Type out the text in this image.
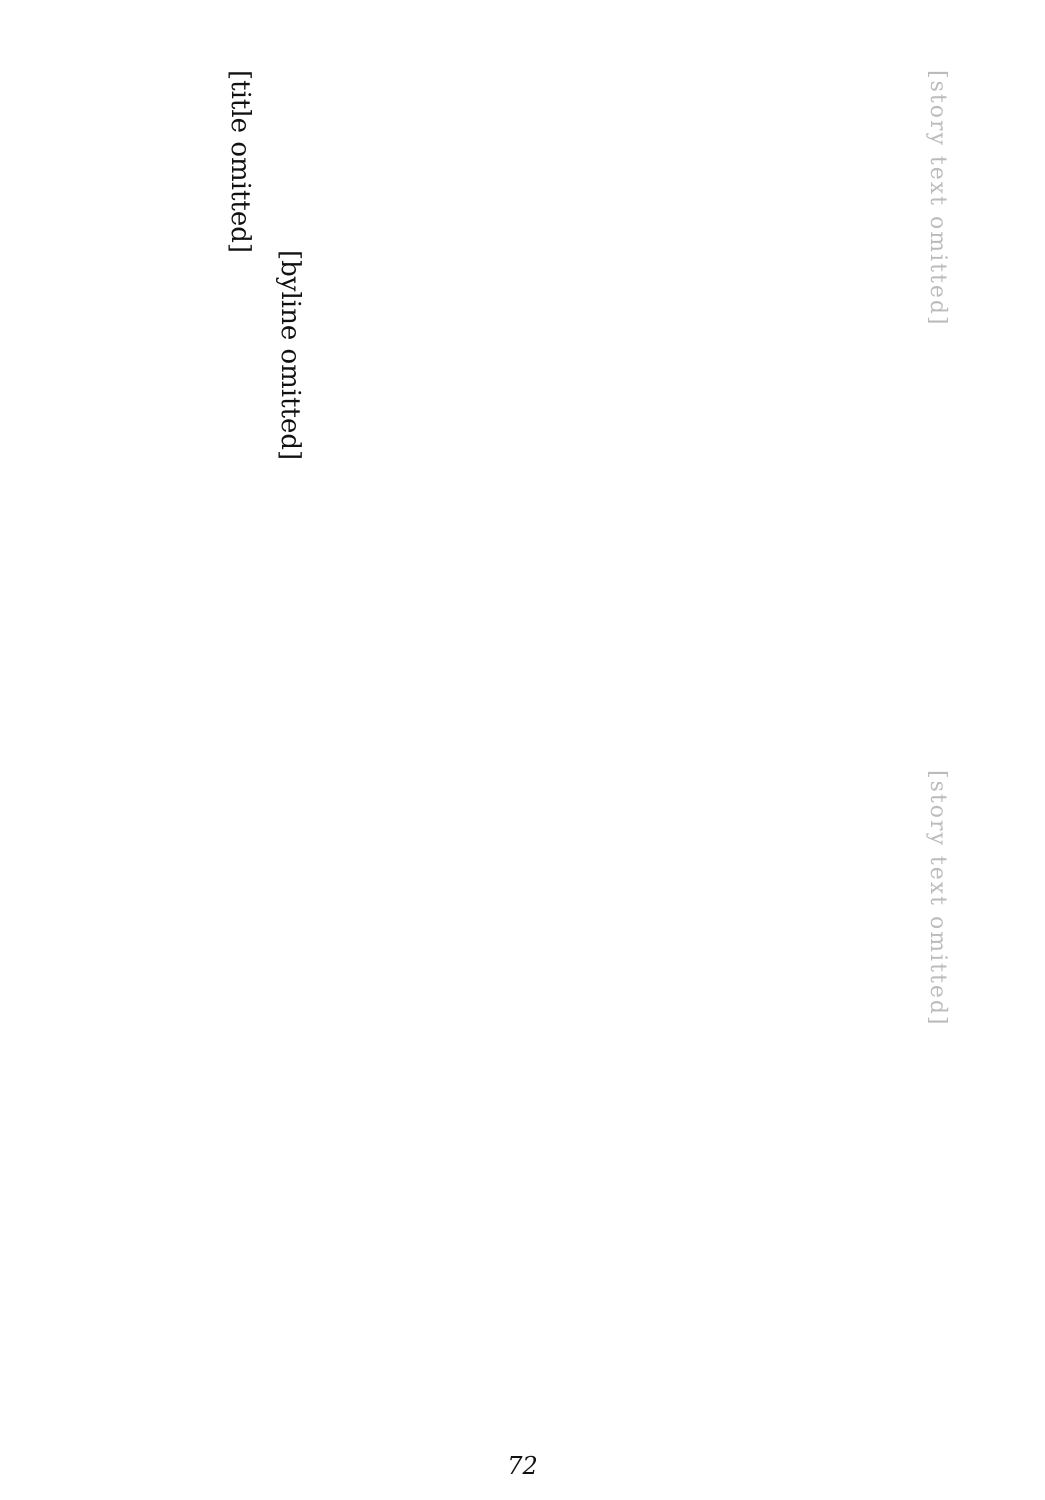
[title omitted]
[byline omitted]
[story text omitted]
[story text omitted]
72
